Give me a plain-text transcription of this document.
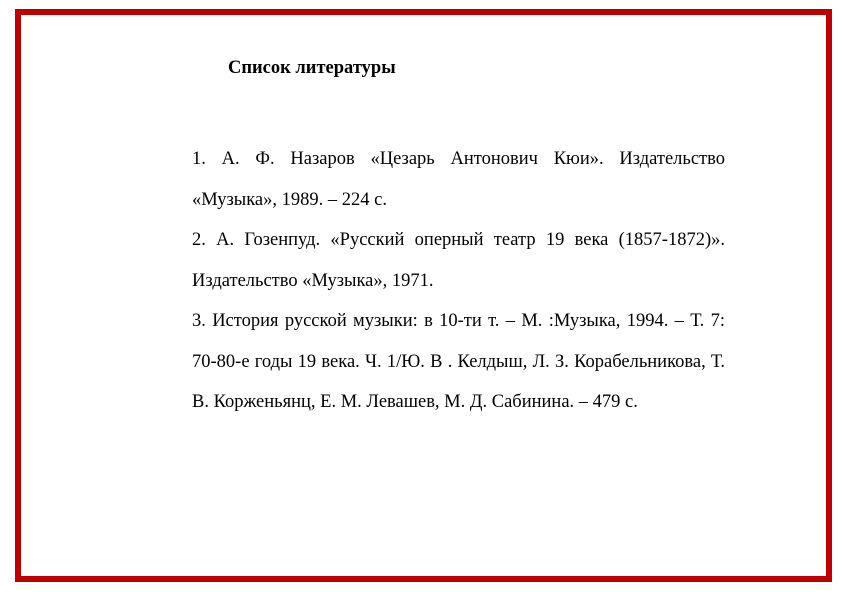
Список литературы
1. А. Ф. Назаров «Цезарь Антонович Кюи». Издательство «Музыка», 1989. – 224 с.
2. А. Гозенпуд. «Русский оперный театр 19 века (1857-1872)». Издательство «Музыка», 1971.
3. История русской музыки: в 10-ти т. – М. :Музыка, 1994. – Т. 7: 70-80-е годы 19 века. Ч. 1/Ю. В . Келдыш, Л. З. Корабельникова, Т. В. Корженьянц, Е. М. Левашев, М. Д. Сабинина. – 479 с.
